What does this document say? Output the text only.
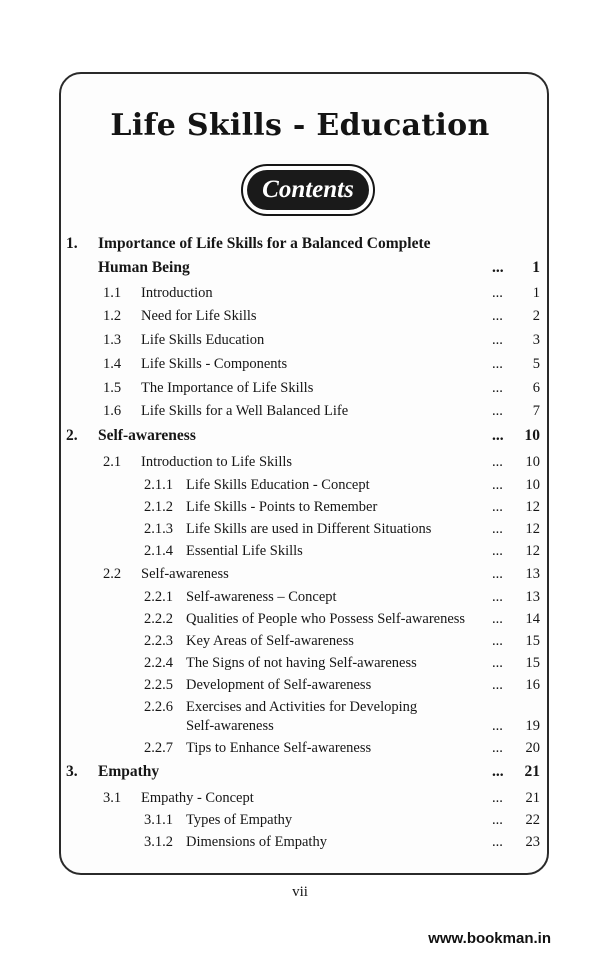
Life Skills - Education
Contents
1. Importance of Life Skills for a Balanced Complete
Human Being	...	1
1.1 Introduction	...	1
1.2 Need for Life Skills	...	2
1.3 Life Skills Education	...	3
1.4 Life Skills - Components	...	5
1.5 The Importance of Life Skills	...	6
1.6 Life Skills for a Well Balanced Life	...	7
2. Self-awareness	...	10
2.1 Introduction to Life Skills	...	10
2.1.1 Life Skills Education - Concept	...	10
2.1.2 Life Skills - Points to Remember	...	12
2.1.3 Life Skills are used in Different Situations	...	12
2.1.4 Essential Life Skills	...	12
2.2 Self-awareness	...	13
2.2.1 Self-awareness – Concept	...	13
2.2.2 Qualities of People who Possess Self-awareness ...	14
2.2.3 Key Areas of Self-awareness	...	15
2.2.4 The Signs of not having Self-awareness	...	15
2.2.5 Development of Self-awareness	...	16
2.2.6 Exercises and Activities for Developing
Self-awareness	...	19
2.2.7 Tips to Enhance Self-awareness	...	20
3. Empathy	...	21
3.1 Empathy - Concept	...	21
3.1.1 Types of Empathy	...	22
3.1.2 Dimensions of Empathy	...	23
vii
www.bookman.in
